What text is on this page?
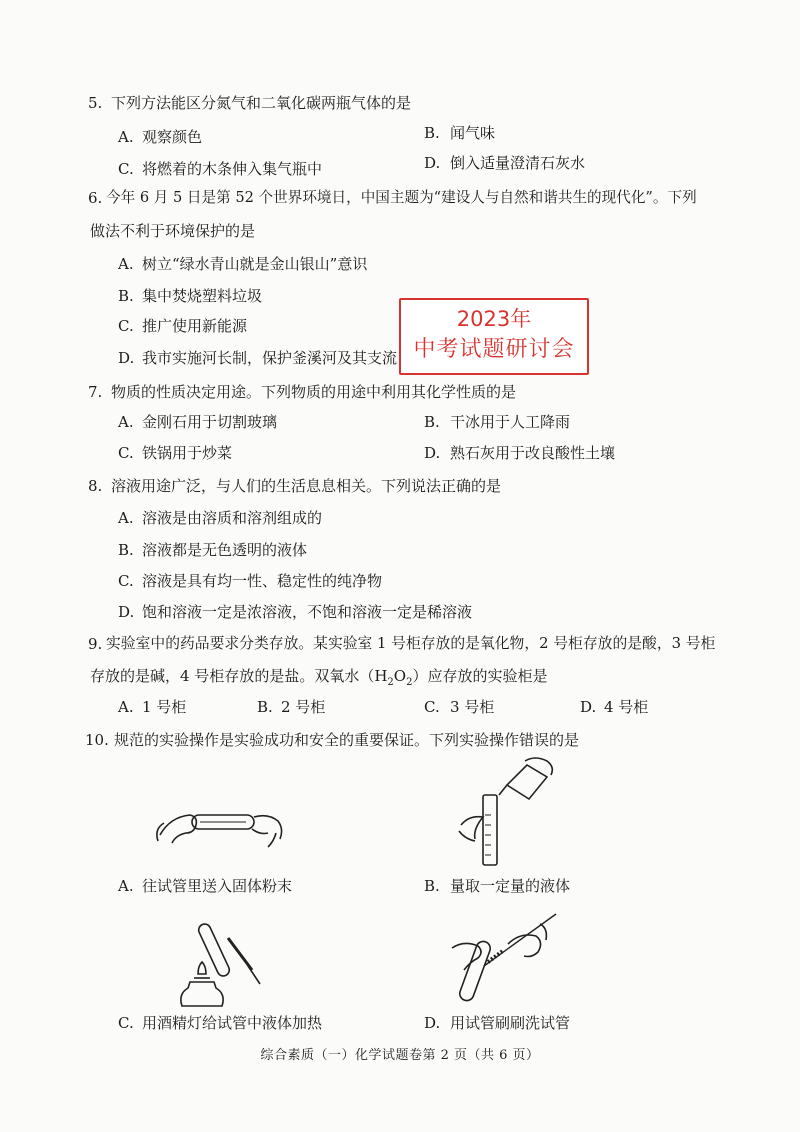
5. 下列方法能区分氮气和二氧化碳两瓶气体的是
A. 观察颜色	B. 闻气味
C. 将燃着的木条伸入集气瓶中	D. 倒入适量澄清石灰水
6. 今年 6 月 5 日是第 52 个世界环境日，中国主题为“建设人与自然和谐共生的现代化”。下列
做法不利于环境保护的是
A. 树立“绿水青山就是金山银山”意识
B. 集中焚烧塑料垃圾
C. 推广使用新能源
D. 我市实施河长制，保护釜溪河及其支流
2023年
中考试题研讨会
7. 物质的性质决定用途。下列物质的用途中利用其化学性质的是
A. 金刚石用于切割玻璃	B. 干冰用于人工降雨
C. 铁锅用于炒菜	D. 熟石灰用于改良酸性土壤
8. 溶液用途广泛，与人们的生活息息相关。下列说法正确的是
A. 溶液是由溶质和溶剂组成的
B. 溶液都是无色透明的液体
C. 溶液是具有均一性、稳定性的纯净物
D. 饱和溶液一定是浓溶液，不饱和溶液一定是稀溶液
9. 实验室中的药品要求分类存放。某实验室 1 号柜存放的是氧化物，2 号柜存放的是酸，3 号柜
存放的是碱，4 号柜存放的是盐。双氧水$(H_2O_2)$应存放的实验柜是
A. 1 号柜	B. 2 号柜	C. 3 号柜	D. 4 号柜
10. 规范的实验操作是实验成功和安全的重要保证。下列实验操作错误的是
A. 往试管里送入固体粉末	B. 量取一定量的液体
C. 用酒精灯给试管中液体加热	D. 用试管刷刷洗试管
综合素质（一）化学试题卷第 2 页（共 6 页）
